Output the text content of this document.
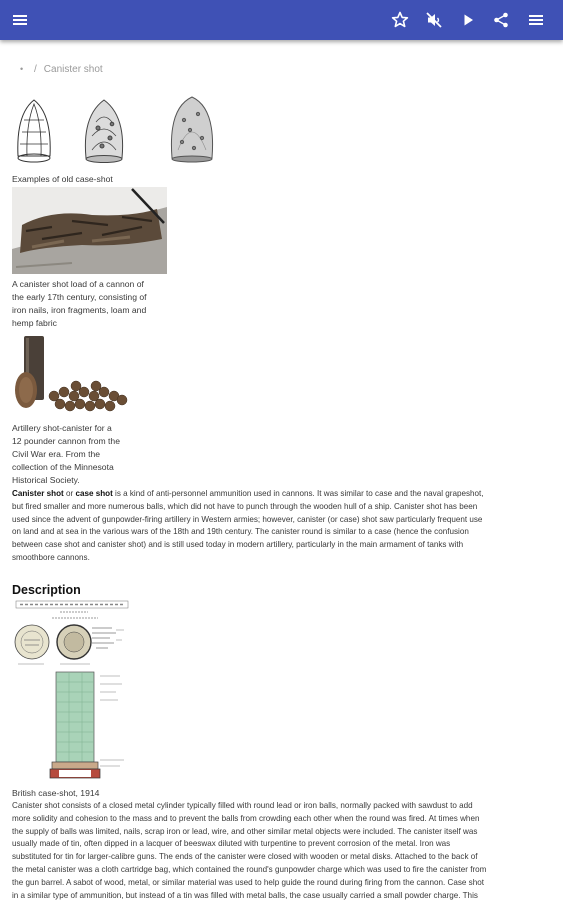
• / Canister shot
Examples of old case-shot
A canister shot load of a cannon of
the early 17th century, consisting of
iron nails, iron fragments, loam and
hemp fabric
Artillery shot-canister for a
12 pounder cannon from the
Civil War era. From the
collection of the Minnesota
Historical Society.
Canister shot or case shot is a kind of anti-personnel ammunition used in cannons. It was similar to case and the naval grapeshot,
but fired smaller and more numerous balls, which did not have to punch through the wooden hull of a ship. Canister shot has been
used since the advent of gunpowder-firing artillery in Western armies; however, canister (or case) shot saw particularly frequent use
on land and at sea in the various wars of the 18th and 19th century. The canister round is similar to a case (hence the confusion
between case shot and canister shot) and is still used today in modern artillery, particularly in the main armament of tanks with
smoothbore cannons.
Description
British case-shot, 1914
Canister shot consists of a closed metal cylinder typically filled with round lead or iron balls, normally packed with sawdust to add
more solidity and cohesion to the mass and to prevent the balls from crowding each other when the round was fired. At times when
the supply of balls was limited, nails, scrap iron or lead, wire, and other similar metal objects were included. The canister itself was
usually made of tin, often dipped in a lacquer of beeswax diluted with turpentine to prevent corrosion of the metal. Iron was
substituted for tin for larger-calibre guns. The ends of the canister were closed with wooden or metal disks. Attached to the back of
the metal canister was a cloth cartridge bag, which contained the round's gunpowder charge which was used to fire the canister from
the gun barrel. A sabot of wood, metal, or similar material was used to help guide the round during firing from the cannon. Case shot
in a similar type of ammunition, but instead of a tin was filled with metal balls, the case usually carried a small powder charge. This
